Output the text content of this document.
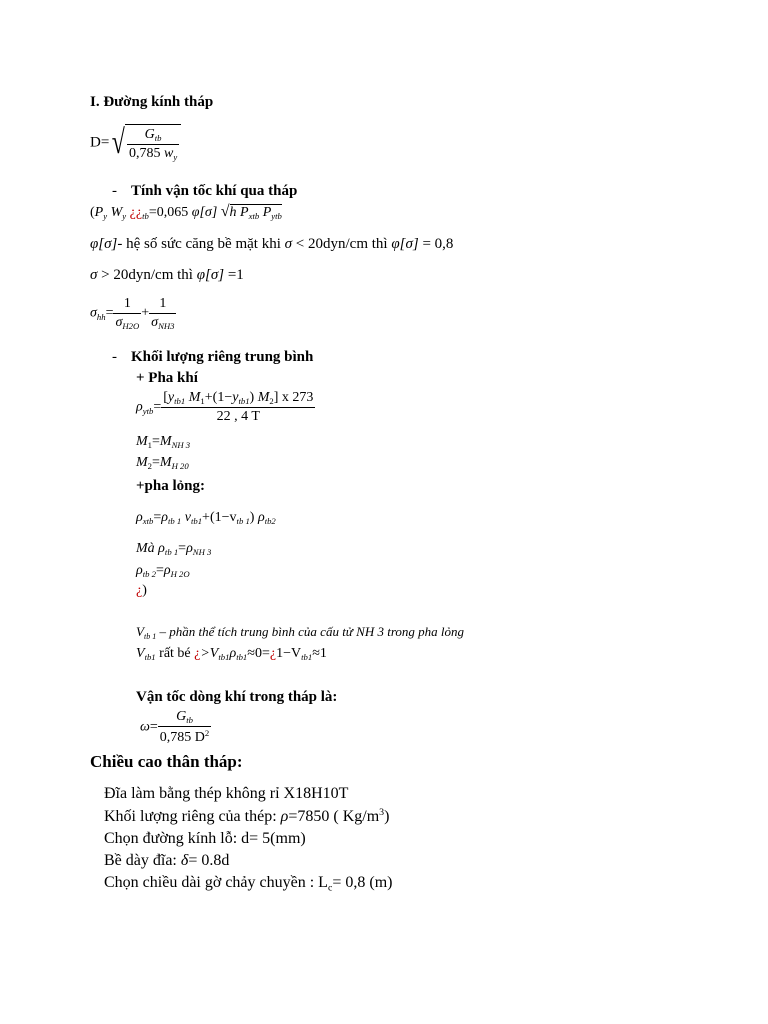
I. Đường kính tháp
$D=√ \frac{G_{tb}}{0,785 w_y}$
- Tính vận tốc khí qua tháp
($P_y$ $W_y$ ¿¿$_{tb}=0,065$ φ[σ] √h $P_{xtb}$ $P_{ytb}$
φ[σ]- hệ số sức căng bề mặt khi σ < 20dyn/cm thì φ[σ] = 0,8
σ > 20dyn/cm thì φ[σ] =1
$\sigma_{hh}= \frac{1}{\sigma_{H2O}} + \frac{1}{\sigma_{NH3}}$
- Khối lượng riêng trung bình
+ Pha khí
$\rho_{ytb}= \frac{[y_{tb1} M_1+(1-y_{tb1}) M_2] x 273}{22 , 4 T}$
$M_1=M_{NH 3}$
$M_2=M_{H 20}$
+pha lỏng:
$\rho_{xtb}=\rho_{tb 1}$ $v_{tb1}+(1-v_{tb 1})$ $\rho_{tb2}$
Mà $\rho_{tb 1}=\rho_{NH 3}$
$\rho_{tb 2}=\rho_{H 2O}$
¿)
$V_{tb 1}$ – phần thể tích trung bình của cấu tử NH 3 trong pha lỏng
$V_{tb1}$ rất bé ¿$>V_{tb1}\rho_{tb1}\approx 0=¿1-V_{tb1}\approx 1$
Vận tốc dòng khí trong tháp là:
$\omega= \frac{G_{tb}}{0,785 D^2}$
Chiều cao thân tháp:
Đĩa làm bằng thép không rỉ X18H10T
Khối lượng riêng của thép: ρ=7850 ( $Kg/m^3$)
Chọn đường kính lỗ: d= 5(mm)
Bề dày đĩa: δ= 0.8d
Chọn chiều dài gờ chảy chuyền : $L_c= 0,8$ (m)
